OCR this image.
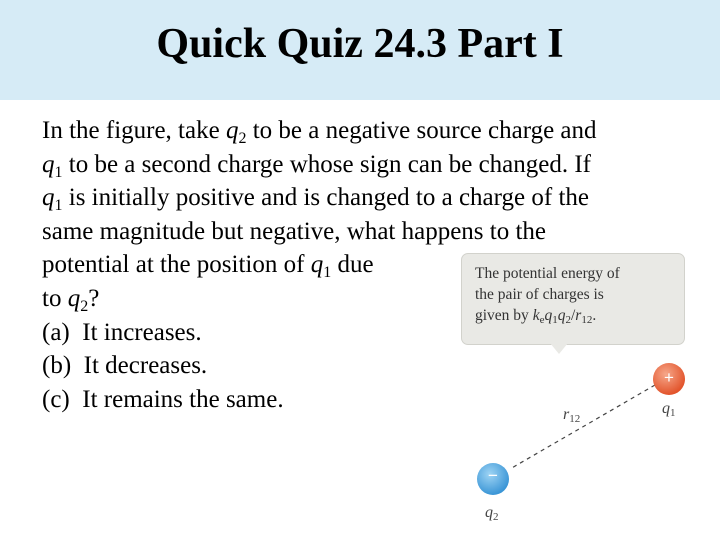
Quick Quiz 24.3 Part I
In the figure, take $q_2$ to be a negative source charge and
$q_1$ to be a second charge whose sign can be changed. If
$q_1$ is initially positive and is changed to a charge of the
same magnitude but negative, what happens to the
potential at the position of $q_1$ due
to $q_2$?
(a)  It increases.
(b)  It decreases.
(c)  It remains the same.
The potential energy of
the pair of charges is
given by $k_eq_1q_2/r_{12}$.
+
−
$q_1$
$q_2$
$r_{12}$
